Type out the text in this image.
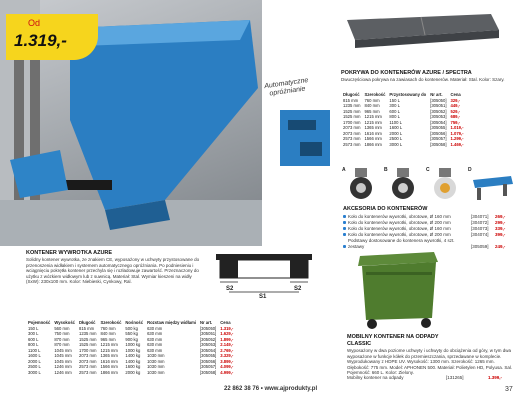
Od
1.319,-
Automatyczne opróżnianie
POKRYWA DO KONTENERÓW AZURE / SPECTRA
Dwuczęściowa pokrywa na zawiasach do kontenerów. Materiał: Stal. Kolor: Szary.
Długość	Szerokość	Przystosowany do	Nr art.	Cena
815 mm	760 mm	150 L	[305050]	329,-
1235 mm	840 mm	300 L	[305051]	449,-
1525 mm	965 mm	600 L	[305052]	529,-
1525 mm	1215 mm	800 L	[305053]	689,-
1700 mm	1215 mm	1100 L	[305054]	759,-
2073 mm	1365 mm	1600 L	[305055]	1.019,-
2073 mm	1616 mm	2000 L	[305056]	1.079,-
2573 mm	1566 mm	2500 L	[305057]	1.299,-
2573 mm	1866 mm	3000 L	[305058]	1.469,-
A	B	C	D
AKCESORIA DO KONTENERÓW
Koło do kontenerów wywrotki, obrotowe, Ø 160 mm	[304071] 269,-
Koło do kontenerów wywrotki, obrotowe, Ø 200 mm	[304072] 299,-
Koło do kontenerów wywrotki, obrotowe, Ø 160 mm	[304073] 339,-
Koło do kontenerów wywrotki, obrotowe, Ø 200 mm	[304074] 399,-
Podstawy dostosowane do kontenera wywrotki, 4 szt. zestawy	[305059] 249,-
KONTENER WYWROTKA AZURE
Solidny kontener wywrotka, ze znakiem CE, wyposażony w uchwyty przystosowane do przenoszenia widłakiem i systemem automatycznego opróżniania. Po podniesieniu i wciągnięciu pokrętła kontener przechyla się i rozładowuje zawartość. Przeznaczony do użytku z wózkiem widłowym lub z suwnicą. Materiał: Stal. Wymiar kieszeni na widły (SxW): 230x100 mm. Kolor: Niebieski, Cynkowy, Ral.
S2	S2
S1
Pojemność	Wysokość	Długość	Szerokość	Nośność	Rozstaw między widłami	Nr art.	Cena
150 L	560 mm	815 mm	760 mm	500 kg	630 mm	[305050]	1.319,-
300 L	750 mm	1235 mm	840 mm	550 kg	630 mm	[305051]	1.629,-
600 L	870 mm	1525 mm	965 mm	900 kg	630 mm	[305052]	1.899,-
800 L	870 mm	1525 mm	1215 mm	1000 kg	630 mm	[305053]	2.149,-
1100 L	1045 mm	1700 mm	1215 mm	1000 kg	630 mm	[305054]	2.769,-
1600 L	1045 mm	2073 mm	1365 mm	1400 kg	1030 mm	[305055]	3.329,-
2000 L	1045 mm	2073 mm	1616 mm	1400 kg	1030 mm	[305056]	3.899,-
2500 L	1246 mm	2573 mm	1566 mm	1600 kg	1030 mm	[305057]	4.099,-
3000 L	1246 mm	2573 mm	1866 mm	2000 kg	1030 mm	[305058]	4.999,-
MOBILNY KONTENER NA ODPADY CLASSIC
Wyposażony w dwa poziome uchwyty i uchwyty do obciążenia od góry, w tym dwa wyposażone w funkcje kółek do przemieszczania, sprzedawane w komplecie. Wyprodukowany z HDPE UV. Wysokość: 1300 mm. Szerokość: 1265 mm. Głębokość: 775 mm. Model: APHONEN 500. Materiał: Polietylen HD, Polyusa. Sal. Pojemność: 660 L. Kolor: Zielony.
Mobilny kontener na odpady	[131265]	1.399,-
22 862 38 76 • www.ajprodukty.pl	37
